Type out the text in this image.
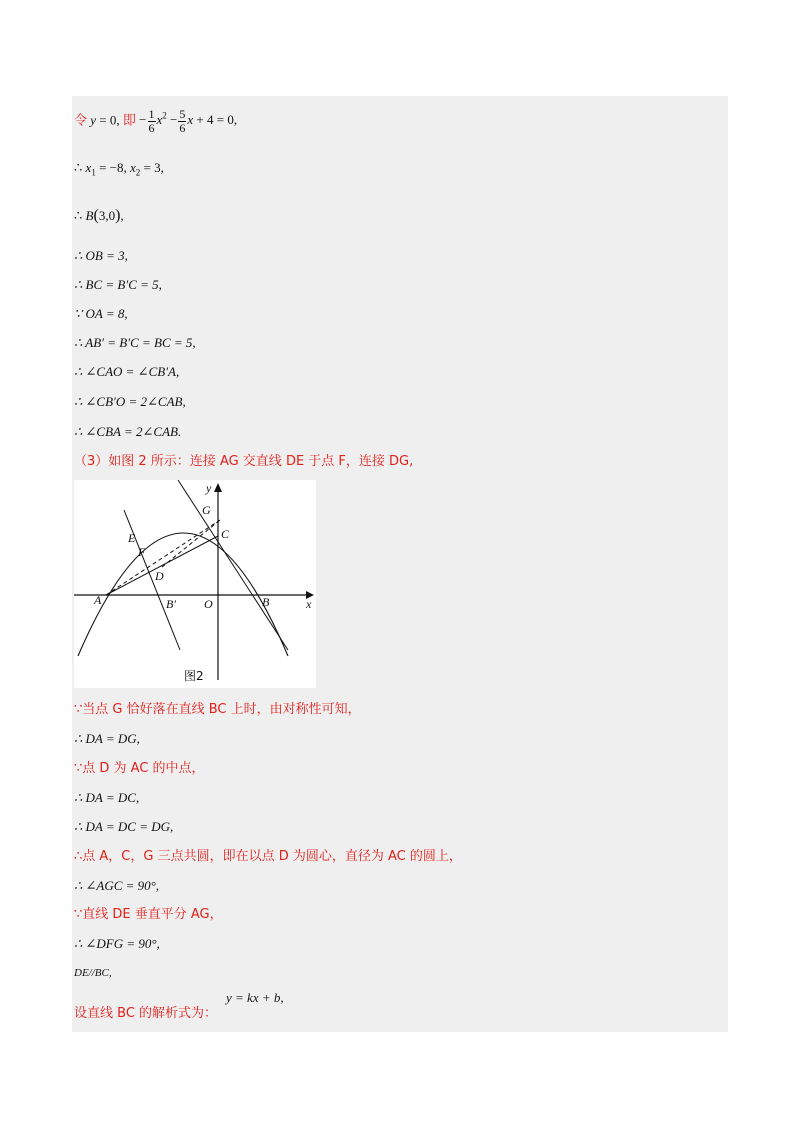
令 y = 0, 即 − $\frac{1}{6} x^2 - \frac{5}{6}$ x + 4 = 0,
∴ $x_1 = -8$, $x_2 = 3$,
∴ B(3,0),
∴ OB = 3,
∴ BC = B′C = 5,
∵ OA = 8,
∴ AB′ = B′C = BC = 5,
∴ ∠CAO = ∠CB′A,
∴ ∠CB′O = 2∠CAB,
∴ ∠CBA = 2∠CAB.
（3）如图 2 所示：连接 AG 交直线 DE 于点 F，连接 DG,
y
x
G
E	C
F
D
A	B′ O	B
图2
∵当点 G 恰好落在直线 BC 上时，由对称性可知，
∴ DA = DG,
∵点 D 为 AC 的中点，
∴ DA = DC,
∴ DA = DC = DG,
∴点 A，C，G 三点共圆，即在以点 D 为圆心，直径为 AC 的圆上，
∴ ∠AGC = 90°,
∵直线 DE 垂直平分 AG，
∴ ∠DFG = 90°,
DE//BC,
y = kx + b,
设直线 BC 的解析式为：
